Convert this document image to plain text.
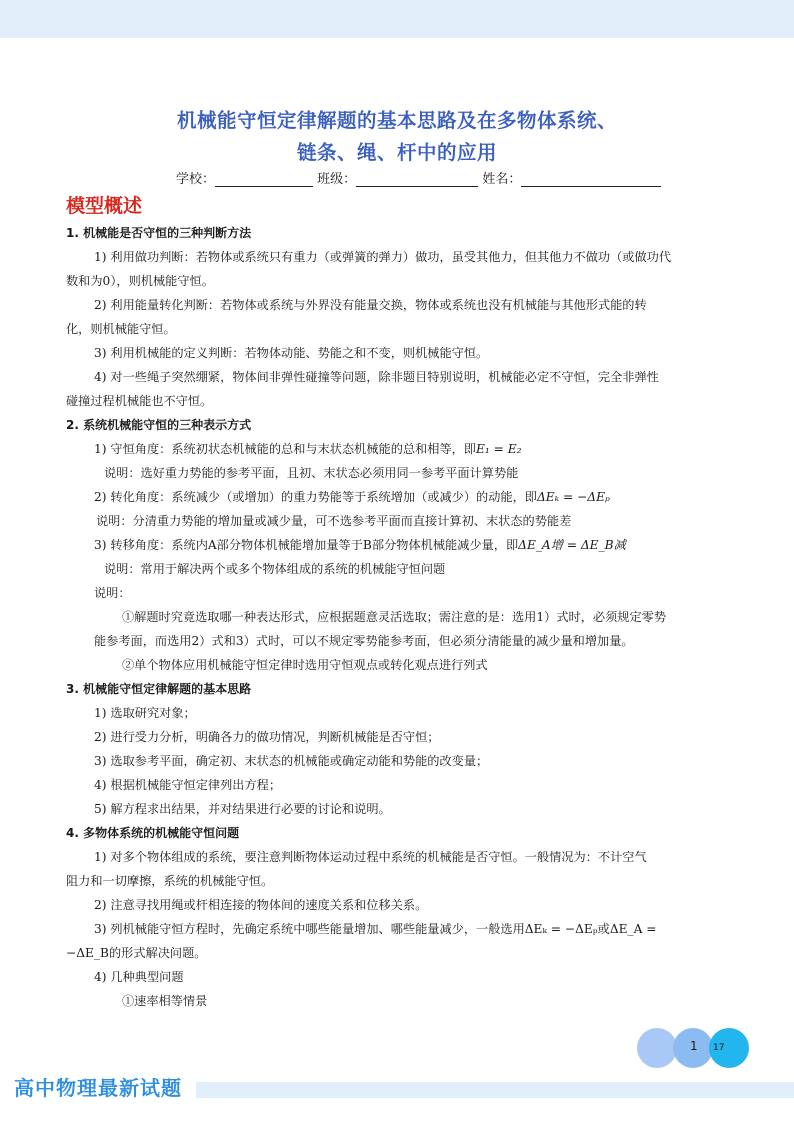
机械能守恒定律解题的基本思路及在多物体系统、
链条、绳、杆中的应用
学校：	班级：	姓名：
模型概述
1. 机械能是否守恒的三种判断方法
1) 利用做功判断：若物体或系统只有重力（或弹簧的弹力）做功，虽受其他力，但其他力不做功（或做功代
数和为0），则机械能守恒。
2) 利用能量转化判断：若物体或系统与外界没有能量交换，物体或系统也没有机械能与其他形式能的转
化，则机械能守恒。
3) 利用机械能的定义判断：若物体动能、势能之和不变，则机械能守恒。
4) 对一些绳子突然绷紧，物体间非弹性碰撞等问题，除非题目特别说明，机械能必定不守恒，完全非弹性
碰撞过程机械能也不守恒。
2. 系统机械能守恒的三种表示方式
1) 守恒角度：系统初状态机械能的总和与末状态机械能的总和相等，即E₁ = E₂
说明：选好重力势能的参考平面，且初、末状态必须用同一参考平面计算势能
2) 转化角度：系统减少（或增加）的重力势能等于系统增加（或减少）的动能，即ΔEₖ = −ΔEₚ
说明：分清重力势能的增加量或减少量，可不选参考平面而直接计算初、末状态的势能差
3) 转移角度：系统内A部分物体机械能增加量等于B部分物体机械能减少量，即ΔE_A增 = ΔE_B减
说明：常用于解决两个或多个物体组成的系统的机械能守恒问题
说明：
①解题时究竟选取哪一种表达形式，应根据题意灵活选取；需注意的是：选用1）式时，必须规定零势
能参考面，而选用2）式和3）式时，可以不规定零势能参考面，但必须分清能量的减少量和增加量。
②单个物体应用机械能守恒定律时选用守恒观点或转化观点进行列式
3. 机械能守恒定律解题的基本思路
1) 选取研究对象；
2) 进行受力分析，明确各力的做功情况，判断机械能是否守恒；
3) 选取参考平面，确定初、末状态的机械能或确定动能和势能的改变量；
4) 根据机械能守恒定律列出方程；
5) 解方程求出结果，并对结果进行必要的讨论和说明。
4. 多物体系统的机械能守恒问题
1) 对多个物体组成的系统，要注意判断物体运动过程中系统的机械能是否守恒。一般情况为：不计空气
阻力和一切摩擦，系统的机械能守恒。
2) 注意寻找用绳或杆相连接的物体间的速度关系和位移关系。
3) 列机械能守恒方程时，先确定系统中哪些能量增加、哪些能量减少，一般选用ΔEₖ = −ΔEₚ或ΔE_A =
−ΔE_B的形式解决问题。
4) 几种典型问题
①速率相等情景
1 17
高中物理最新试题
